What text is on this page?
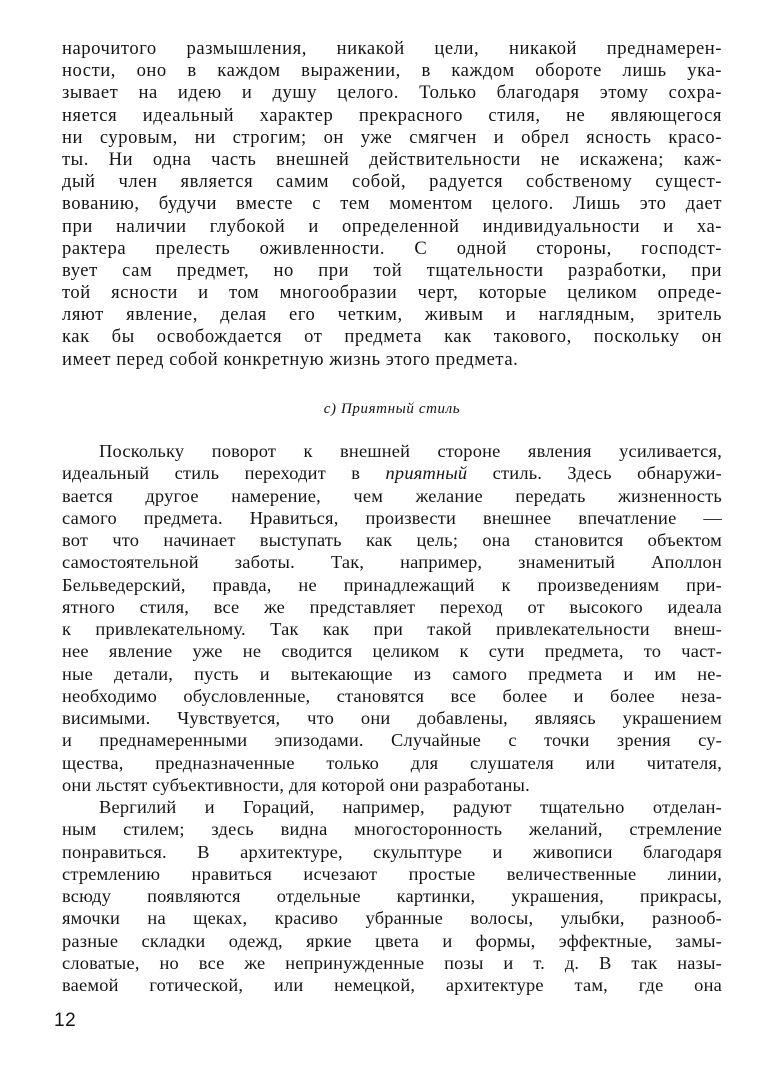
нарочитого размышления, никакой цели, никакой преднамерен-
ности, оно в каждом выражении, в каждом обороте лишь ука-
зывает на идею и душу целого. Только благодаря этому сохра-
няется идеальный характер прекрасного стиля, не являющегося
ни суровым, ни строгим; он уже смягчен и обрел ясность красо-
ты. Ни одна часть внешней действительности не искажена; каж-
дый член является самим собой, радуется собственому сущест-
вованию, будучи вместе с тем моментом целого. Лишь это дает
при наличии глубокой и определенной индивидуальности и ха-
рактера прелесть оживленности. С одной стороны, господст-
вует сам предмет, но при той тщательности разработки, при
той ясности и том многообразии черт, которые целиком опреде-
ляют явление, делая его четким, живым и наглядным, зритель
как бы освобождается от предмета как такового, поскольку он
имеет перед собой конкретную жизнь этого предмета.
с) Приятный стиль
Поскольку поворот к внешней стороне явления усиливается,
идеальный стиль переходит в приятный стиль. Здесь обнаружи-
вается другое намерение, чем желание передать жизненность
самого предмета. Нравиться, произвести внешнее впечатление —
вот что начинает выступать как цель; она становится объектом
самостоятельной заботы. Так, например, знаменитый Аполлон
Бельведерский, правда, не принадлежащий к произведениям при-
ятного стиля, все же представляет переход от высокого идеала
к привлекательному. Так как при такой привлекательности внеш-
нее явление уже не сводится целиком к сути предмета, то част-
ные детали, пусть и вытекающие из самого предмета и им не-
необходимо обусловленные, становятся все более и более неза-
висимыми. Чувствуется, что они добавлены, являясь украшением
и преднамеренными эпизодами. Случайные с точки зрения су-
щества, предназначенные только для слушателя или читателя,
они льстят субъективности, для которой они разработаны.
Вергилий и Гораций, например, радуют тщательно отделан-
ным стилем; здесь видна многосторонность желаний, стремление
понравиться. В архитектуре, скульптуре и живописи благодаря
стремлению нравиться исчезают простые величественные линии,
всюду появляются отдельные картинки, украшения, прикрасы,
ямочки на щеках, красиво убранные волосы, улыбки, разнооб-
разные складки одежд, яркие цвета и формы, эффектные, замы-
словатые, но все же непринужденные позы и т. д. В так назы-
ваемой готической, или немецкой, архитектуре там, где она
12
